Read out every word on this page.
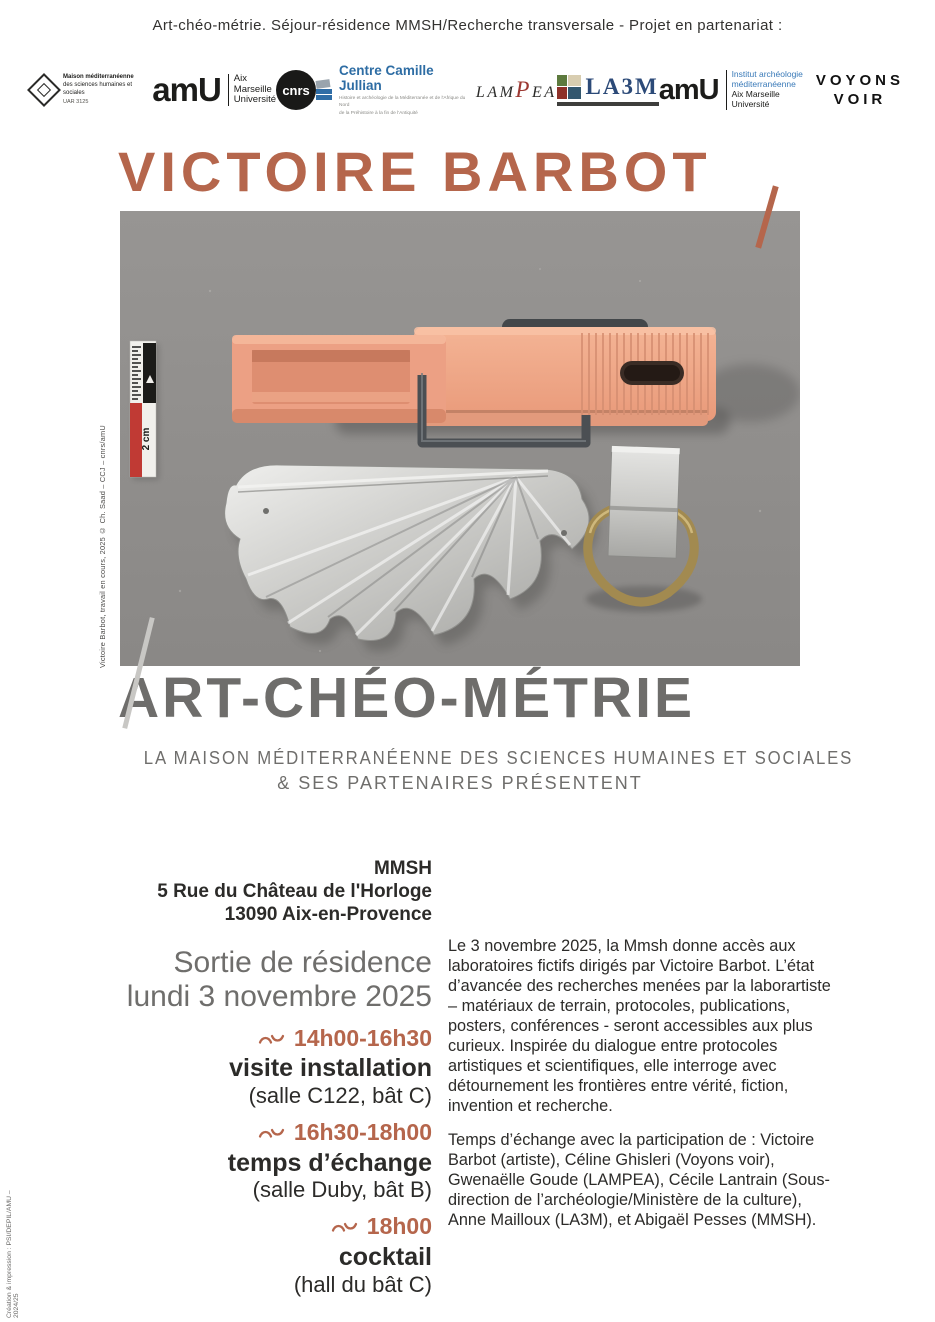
Art-chéo-métrie. Séjour-résidence MMSH/Recherche transversale - Projet en partenariat :
Maison méditerranéenne
des sciences humaines et sociales
UAR 3125	amU Aix
Marseille
Université
cnrs
Centre Camille Jullian
Histoire et archéologie de la Méditerranée et de l'Afrique du Nord
de la Préhistoire à la fin de l'Antiquité
LAMPEA LA3M amU Institut archéologie
méditerranéenne
Aix Marseille Université
VOYONS
VOIR
VICTOIRE BARBOT
2 cm
Victoire Barbot, travail en cours, 2025 © Ch. Saad – CCJ – cnrs/amU
ART-CHÉO-MÉTRIE
LA MAISON MÉDITERRANÉENNE DES SCIENCES HUMAINES ET SOCIALES
& SES PARTENAIRES PRÉSENTENT
MMSH
5 Rue du Château de l'Horloge
13090 Aix-en-Provence
Sortie de résidence
lundi 3 novembre 2025
14h00-16h30
visite installation
(salle C122, bât C)
16h30-18h00
temps d’échange
(salle Duby, bât B)
18h00
cocktail
(hall du bât C)

Le 3 novembre 2025, la Mmsh donne accès aux laboratoires fictifs dirigés par Victoire Barbot. L’état d’avancée des recherches menées par la laborartiste – matériaux de terrain, protocoles, publications, posters, conférences - seront accessibles aux plus curieux. Inspirée du dialogue entre protocoles artistiques et scientifiques, elle interroge avec détournement les frontières entre vérité, fiction, invention et recherche.

Temps d’échange avec la participation de : Victoire Barbot (artiste), Céline Ghisleri (Voyons voir), Gwenaëlle Goude (LAMPEA), Cécile Lantrain (Sous-direction de l’archéologie/Ministère de la culture), Anne Mailloux (LA3M), et Abigaël Pesses (MMSH).

Création & impression : PSI/DEPIL/AMU – 2024/25
